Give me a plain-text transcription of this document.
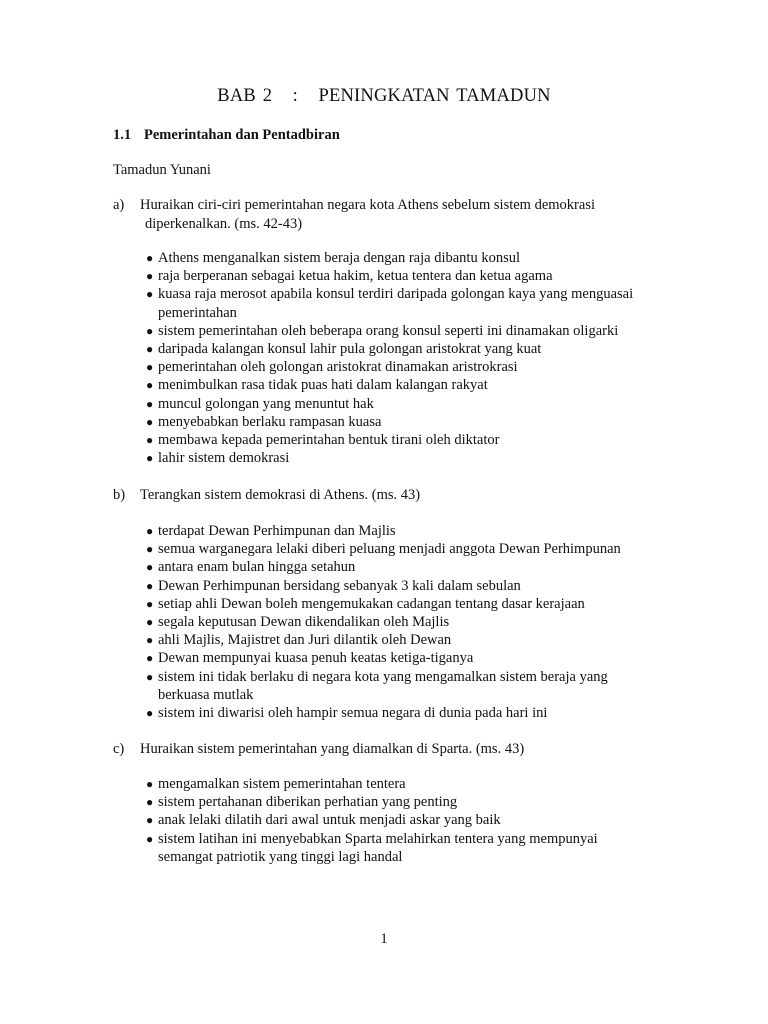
BAB 2   :   PENINGKATAN TAMADUN
1.1 Pemerintahan dan Pentadbiran
Tamadun Yunani
a)	Huraikan ciri-ciri pemerintahan negara kota Athens sebelum sistem demokrasi
diperkenalkan. (ms. 42-43)
● Athens menganalkan sistem beraja dengan raja dibantu konsul
● raja berperanan sebagai ketua hakim, ketua tentera dan ketua agama
● kuasa raja merosot apabila konsul terdiri daripada golongan kaya yang menguasai pemerintahan
● sistem pemerintahan oleh beberapa orang konsul seperti ini dinamakan oligarki
● daripada kalangan konsul lahir pula golongan aristokrat yang kuat
● pemerintahan oleh golongan aristokrat dinamakan aristrokrasi
● menimbulkan rasa tidak puas hati dalam kalangan rakyat
● muncul golongan yang menuntut hak
● menyebabkan berlaku rampasan kuasa
● membawa kepada pemerintahan bentuk tirani oleh diktator
● lahir sistem demokrasi
b)	Terangkan sistem demokrasi di Athens. (ms. 43)
● terdapat Dewan Perhimpunan dan Majlis
● semua warganegara lelaki diberi peluang menjadi anggota Dewan Perhimpunan
● antara enam bulan hingga setahun
● Dewan Perhimpunan bersidang sebanyak 3 kali dalam sebulan
● setiap ahli Dewan boleh mengemukakan cadangan tentang dasar kerajaan
● segala keputusan Dewan dikendalikan oleh Majlis
● ahli Majlis, Majistret dan Juri dilantik oleh Dewan
● Dewan mempunyai kuasa penuh keatas ketiga-tiganya
● sistem ini tidak berlaku di negara kota yang mengamalkan sistem beraja yang berkuasa mutlak
● sistem ini diwarisi oleh hampir semua negara di dunia pada hari ini
c)	Huraikan sistem pemerintahan yang diamalkan di Sparta. (ms. 43)
● mengamalkan sistem pemerintahan tentera
● sistem pertahanan diberikan perhatian yang penting
● anak lelaki dilatih dari awal untuk menjadi askar yang baik
● sistem latihan ini menyebabkan Sparta melahirkan tentera yang mempunyai semangat patriotik yang tinggi lagi handal
1
